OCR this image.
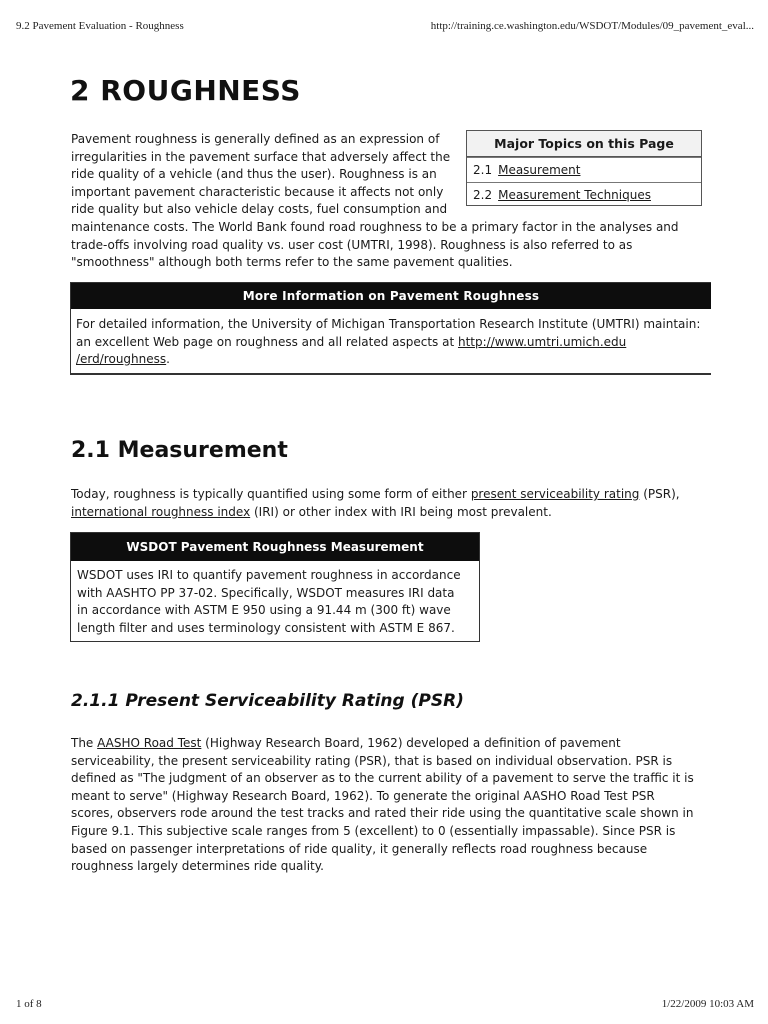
9.2 Pavement Evaluation - Roughness	http://training.ce.washington.edu/WSDOT/Modules/09_pavement_eval...
2 ROUGHNESS
Pavement roughness is generally defined as an expression of
irregularities in the pavement surface that adversely affect the
ride quality of a vehicle (and thus the user). Roughness is an
important pavement characteristic because it affects not only
ride quality but also vehicle delay costs, fuel consumption and
maintenance costs. The World Bank found road roughness to be a primary factor in the analyses and
trade-offs involving road quality vs. user cost (UMTRI, 1998). Roughness is also referred to as
"smoothness" although both terms refer to the same pavement qualities.
Major Topics on this Page
2.1 Measurement
2.2 Measurement Techniques
More Information on Pavement Roughness
For detailed information, the University of Michigan Transportation Research Institute (UMTRI) maintain:
an excellent Web page on roughness and all related aspects at http://www.umtri.umich.edu
/erd/roughness.
2.1 Measurement
Today, roughness is typically quantified using some form of either present serviceability rating (PSR),
international roughness index (IRI) or other index with IRI being most prevalent.
WSDOT Pavement Roughness Measurement
WSDOT uses IRI to quantify pavement roughness in accordance
with AASHTO PP 37-02. Specifically, WSDOT measures IRI data
in accordance with ASTM E 950 using a 91.44 m (300 ft) wave
length filter and uses terminology consistent with ASTM E 867.
2.1.1 Present Serviceability Rating (PSR)
The AASHO Road Test (Highway Research Board, 1962) developed a definition of pavement
serviceability, the present serviceability rating (PSR), that is based on individual observation. PSR is
defined as "The judgment of an observer as to the current ability of a pavement to serve the traffic it is
meant to serve" (Highway Research Board, 1962). To generate the original AASHO Road Test PSR
scores, observers rode around the test tracks and rated their ride using the quantitative scale shown in
Figure 9.1. This subjective scale ranges from 5 (excellent) to 0 (essentially impassable). Since PSR is
based on passenger interpretations of ride quality, it generally reflects road roughness because
roughness largely determines ride quality.
1 of 8	1/22/2009 10:03 AM
